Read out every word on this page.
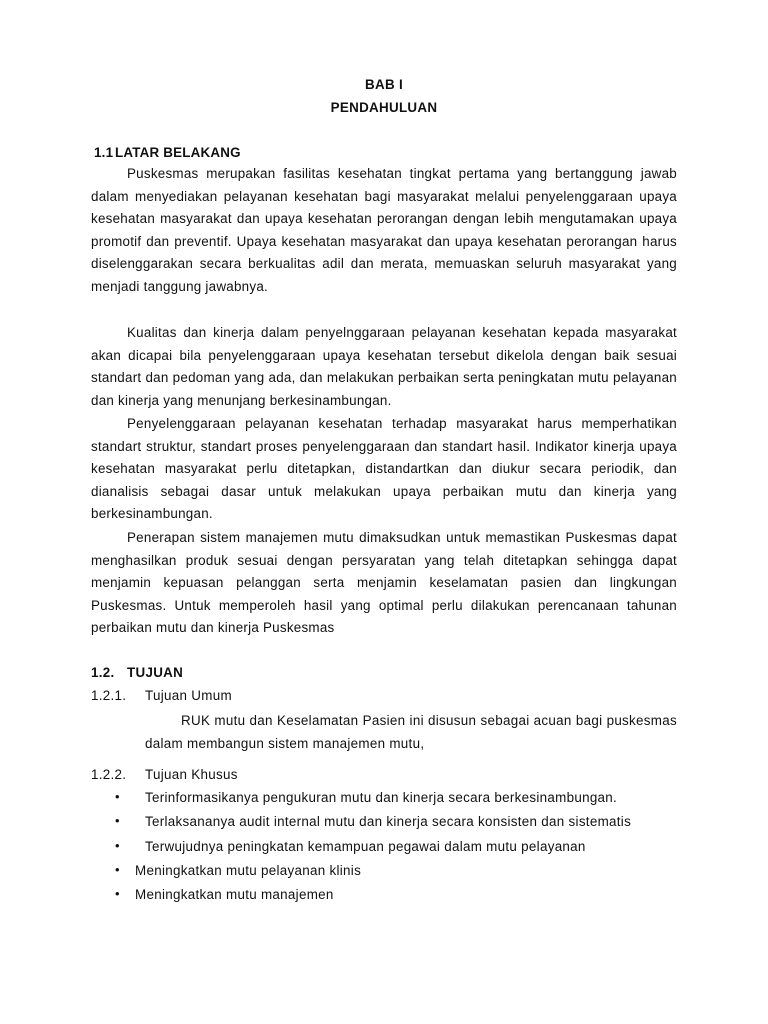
BAB I

PENDAHULUAN

1.1 LATAR BELAKANG

Puskesmas merupakan fasilitas kesehatan tingkat pertama yang bertanggung jawab dalam menyediakan pelayanan kesehatan bagi masyarakat melalui penyelenggaraan upaya kesehatan masyarakat dan upaya kesehatan perorangan dengan lebih mengutamakan upaya promotif dan preventif. Upaya kesehatan masyarakat dan upaya kesehatan perorangan harus diselenggarakan secara berkualitas adil dan merata, memuaskan seluruh masyarakat yang menjadi tanggung jawabnya.

Kualitas dan kinerja dalam penyelnggaraan pelayanan kesehatan kepada masyarakat akan dicapai bila penyelenggaraan upaya kesehatan tersebut dikelola dengan baik sesuai standart dan pedoman yang ada, dan melakukan perbaikan serta peningkatan mutu pelayanan dan kinerja yang menunjang berkesinambungan.

Penyelenggaraan pelayanan kesehatan terhadap masyarakat harus memperhatikan standart struktur, standart proses penyelenggaraan dan standart hasil. Indikator kinerja upaya kesehatan masyarakat perlu ditetapkan, distandartkan dan diukur secara periodik, dan dianalisis sebagai dasar untuk melakukan upaya perbaikan mutu dan kinerja yang berkesinambungan.

Penerapan sistem manajemen mutu dimaksudkan untuk memastikan Puskesmas dapat menghasilkan produk sesuai dengan persyaratan yang telah ditetapkan sehingga dapat menjamin kepuasan pelanggan serta menjamin keselamatan pasien dan lingkungan Puskesmas. Untuk memperoleh hasil yang optimal perlu dilakukan perencanaan tahunan perbaikan mutu dan kinerja Puskesmas

1.2. TUJUAN

1.2.1. Tujuan Umum

RUK mutu dan Keselamatan Pasien ini disusun sebagai acuan bagi puskesmas dalam membangun sistem manajemen mutu,

1.2.2. Tujuan Khusus

• Terinformasikanya pengukuran mutu dan kinerja secara berkesinambungan.
• Terlaksananya audit internal mutu dan kinerja secara konsisten dan sistematis
• Terwujudnya peningkatan kemampuan pegawai dalam mutu pelayanan
• Meningkatkan mutu pelayanan klinis
• Meningkatkan mutu manajemen
